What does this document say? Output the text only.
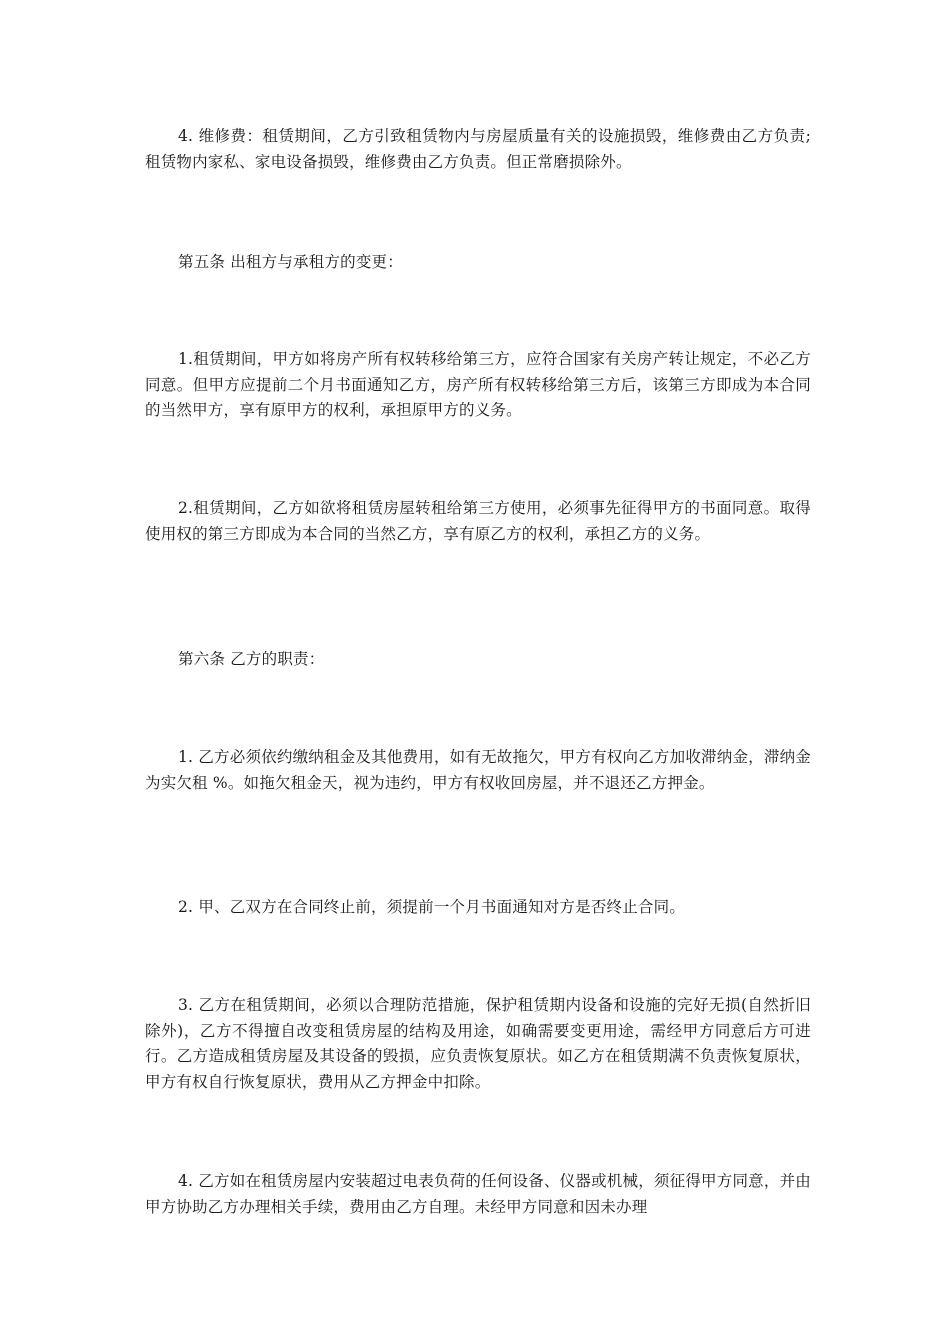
4. 维修费：租赁期间，乙方引致租赁物内与房屋质量有关的设施损毁，维修费由乙方负责;租赁物内家私、家电设备损毁，维修费由乙方负责。但正常磨损除外。

第五条 出租方与承租方的变更：

1.租赁期间，甲方如将房产所有权转移给第三方，应符合国家有关房产转让规定，不必乙方同意。但甲方应提前二个月书面通知乙方，房产所有权转移给第三方后，该第三方即成为本合同的当然甲方，享有原甲方的权利，承担原甲方的义务。

2.租赁期间，乙方如欲将租赁房屋转租给第三方使用，必须事先征得甲方的书面同意。取得使用权的第三方即成为本合同的当然乙方，享有原乙方的权利，承担乙方的义务。

第六条 乙方的职责：

1. 乙方必须依约缴纳租金及其他费用，如有无故拖欠，甲方有权向乙方加收滞纳金，滞纳金为实欠租 %。如拖欠租金天，视为违约，甲方有权收回房屋，并不退还乙方押金。

2. 甲、乙双方在合同终止前，须提前一个月书面通知对方是否终止合同。

3. 乙方在租赁期间，必须以合理防范措施，保护租赁期内设备和设施的完好无损(自然折旧除外)，乙方不得擅自改变租赁房屋的结构及用途，如确需要变更用途，需经甲方同意后方可进行。乙方造成租赁房屋及其设备的毁损，应负责恢复原状。如乙方在租赁期满不负责恢复原状，甲方有权自行恢复原状，费用从乙方押金中扣除。

4. 乙方如在租赁房屋内安装超过电表负荷的任何设备、仪器或机械，须征得甲方同意，并由甲方协助乙方办理相关手续，费用由乙方自理。未经甲方同意和因未办理
